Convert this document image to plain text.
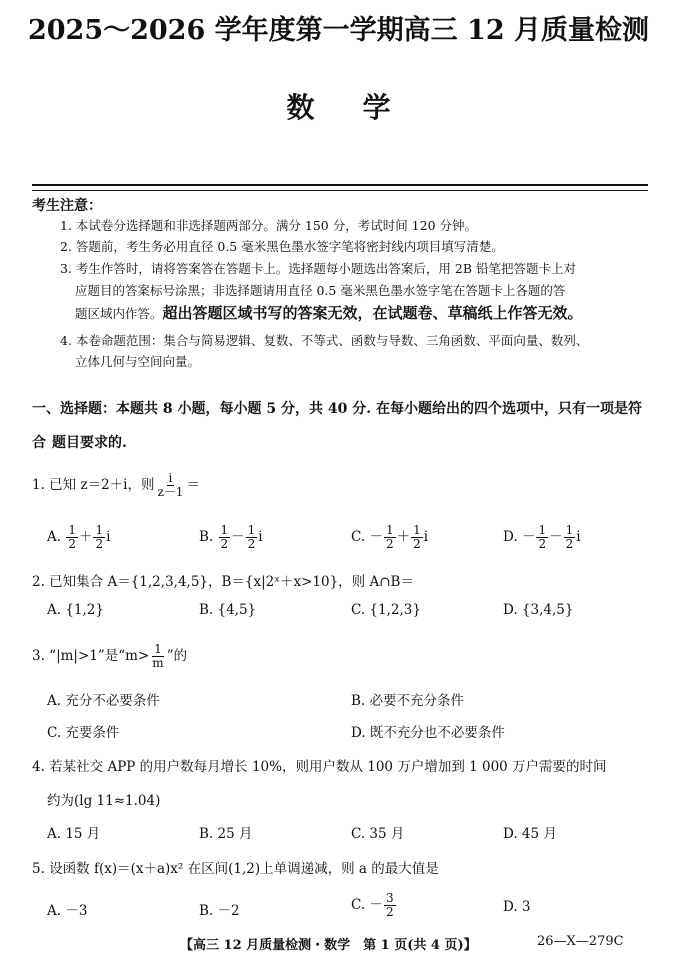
2025～2026 学年度第一学期高三 12 月质量检测
数学
考生注意：
1. 本试卷分选择题和非选择题两部分。满分 150 分，考试时间 120 分钟。
2. 答题前，考生务必用直径 0.5 毫米黑色墨水签字笔将密封线内项目填写清楚。
3. 考生作答时，请将答案答在答题卡上。选择题每小题选出答案后，用 2B 铅笔把答题卡上对
应题目的答案标号涂黑；非选择题请用直径 0.5 毫米黑色墨水签字笔在答题卡上各题的答
题区域内作答。超出答题区域书写的答案无效，在试题卷、草稿纸上作答无效。
4. 本卷命题范围：集合与简易逻辑、复数、不等式、函数与导数、三角函数、平面向量、数列、
立体几何与空间向量。
一、选择题：本题共 8 小题，每小题 5 分，共 40 分. 在每小题给出的四个选项中，只有一项是符合 题目要求的.
1. 已知 z＝2＋i，则 $\frac{i}{z-1}$ ＝
A. $\frac{1}{2} + \frac{1}{2}$ i	B. $\frac{1}{2} - \frac{1}{2}$ i	C. － $\frac{1}{2} + \frac{1}{2}$ i	D. － $\frac{1}{2} - \frac{1}{2}$ i
2. 已知集合 A＝{1,2,3,4,5}，B＝{x|2ˣ＋x>10}，则 A∩B＝
A. {1,2}	B. {4,5}	C. {1,2,3}	D. {3,4,5}
3. “|m|>1”是“$m> \frac{1}{m}$ ”的
A. 充分不必要条件	B. 必要不充分条件
C. 充要条件	D. 既不充分也不必要条件
4. 若某社交 APP 的用户数每月增长 10%，则用户数从 100 万户增加到 1 000 万户需要的时间
约为(lg 11≈1.04)
A. 15 月	B. 25 月	C. 35 月	D. 45 月
5. 设函数 f(x)＝(x＋a)x² 在区间(1,2)上单调递减，则 a 的最大值是
A. －3	B. －2	C. － $\frac{3}{2}$	D. 3
【高三 12 月质量检测・数学　第 1 页(共 4 页)】	26—X—279C
